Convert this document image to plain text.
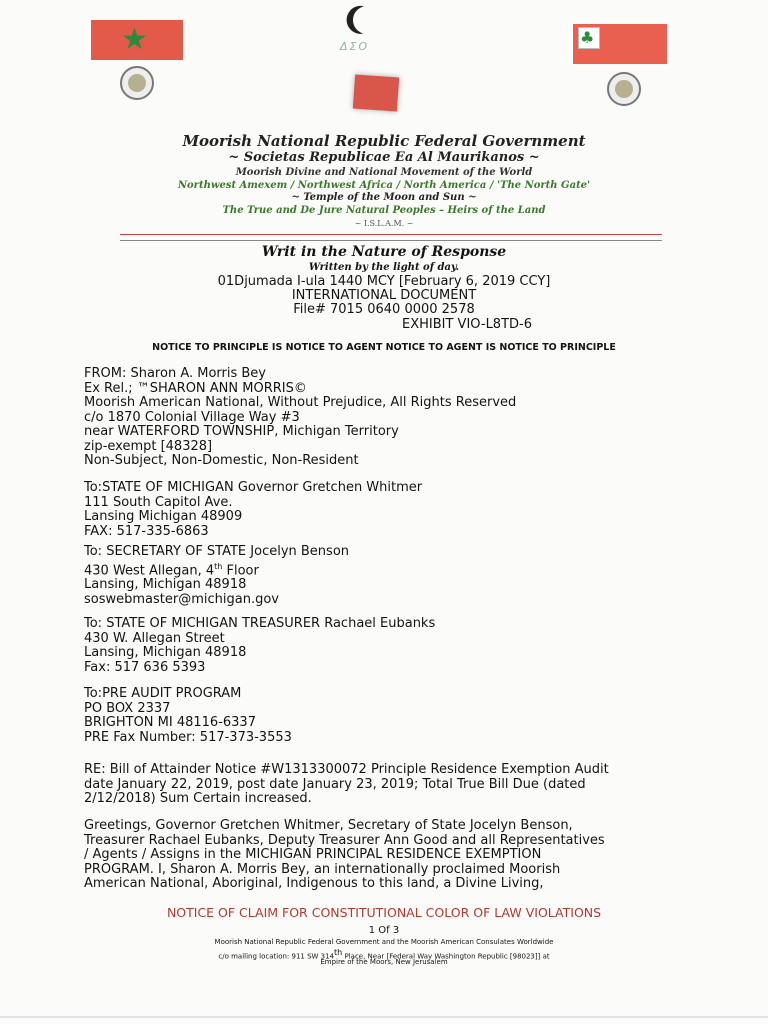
★	♣
ΔΣO
Moorish National Republic Federal Government
~ Societas Republicae Ea Al Maurikanos ~
Moorish Divine and National Movement of the World
Northwest Amexem / Northwest Africa / North America / 'The North Gate'
~ Temple of the Moon and Sun ~
The True and De Jure Natural Peoples – Heirs of the Land
~ I.S.L.A.M. ~
Writ in the Nature of Response
Written by the light of day.
01Djumada I-ula 1440 MCY [February 6, 2019 CCY]
INTERNATIONAL DOCUMENT
File# 7015 0640 0000 2578
EXHIBIT VIO-L8TD-6
NOTICE TO PRINCIPLE IS NOTICE TO AGENT NOTICE TO AGENT IS NOTICE TO PRINCIPLE
FROM: Sharon A. Morris Bey
Ex Rel.; ™SHARON ANN MORRIS©
Moorish American National, Without Prejudice, All Rights Reserved
c/o 1870 Colonial Village Way #3
near WATERFORD TOWNSHIP, Michigan Territory
zip-exempt [48328]
Non-Subject, Non-Domestic, Non-Resident
To:STATE OF MICHIGAN Governor Gretchen Whitmer
111 South Capitol Ave.
Lansing Michigan 48909
FAX: 517-335-6863
To: SECRETARY OF STATE Jocelyn Benson
430 West Allegan, 4th Floor
Lansing, Michigan 48918
soswebmaster@michigan.gov
To: STATE OF MICHIGAN TREASURER Rachael Eubanks
430 W. Allegan Street
Lansing, Michigan 48918
Fax: 517 636 5393
To:PRE AUDIT PROGRAM
PO BOX 2337
BRIGHTON MI 48116-6337
PRE Fax Number: 517-373-3553
RE: Bill of Attainder Notice #W1313300072 Principle Residence Exemption Audit
date January 22, 2019, post date January 23, 2019; Total True Bill Due (dated
2/12/2018) Sum Certain increased.
Greetings, Governor Gretchen Whitmer, Secretary of State Jocelyn Benson,
Treasurer Rachael Eubanks, Deputy Treasurer Ann Good and all Representatives
/ Agents / Assigns in the MICHIGAN PRINCIPAL RESIDENCE EXEMPTION
PROGRAM. I, Sharon A. Morris Bey, an internationally proclaimed Moorish
American National, Aboriginal, Indigenous to this land, a Divine Living,
NOTICE OF CLAIM FOR CONSTITUTIONAL COLOR OF LAW VIOLATIONS
1 Of 3
Moorish National Republic Federal Government and the Moorish American Consulates Worldwide
c/o mailing location: 911 SW 314th Place, Near [Federal Way Washington Republic [98023]] at
Empire of the Moors, New Jerusalem
